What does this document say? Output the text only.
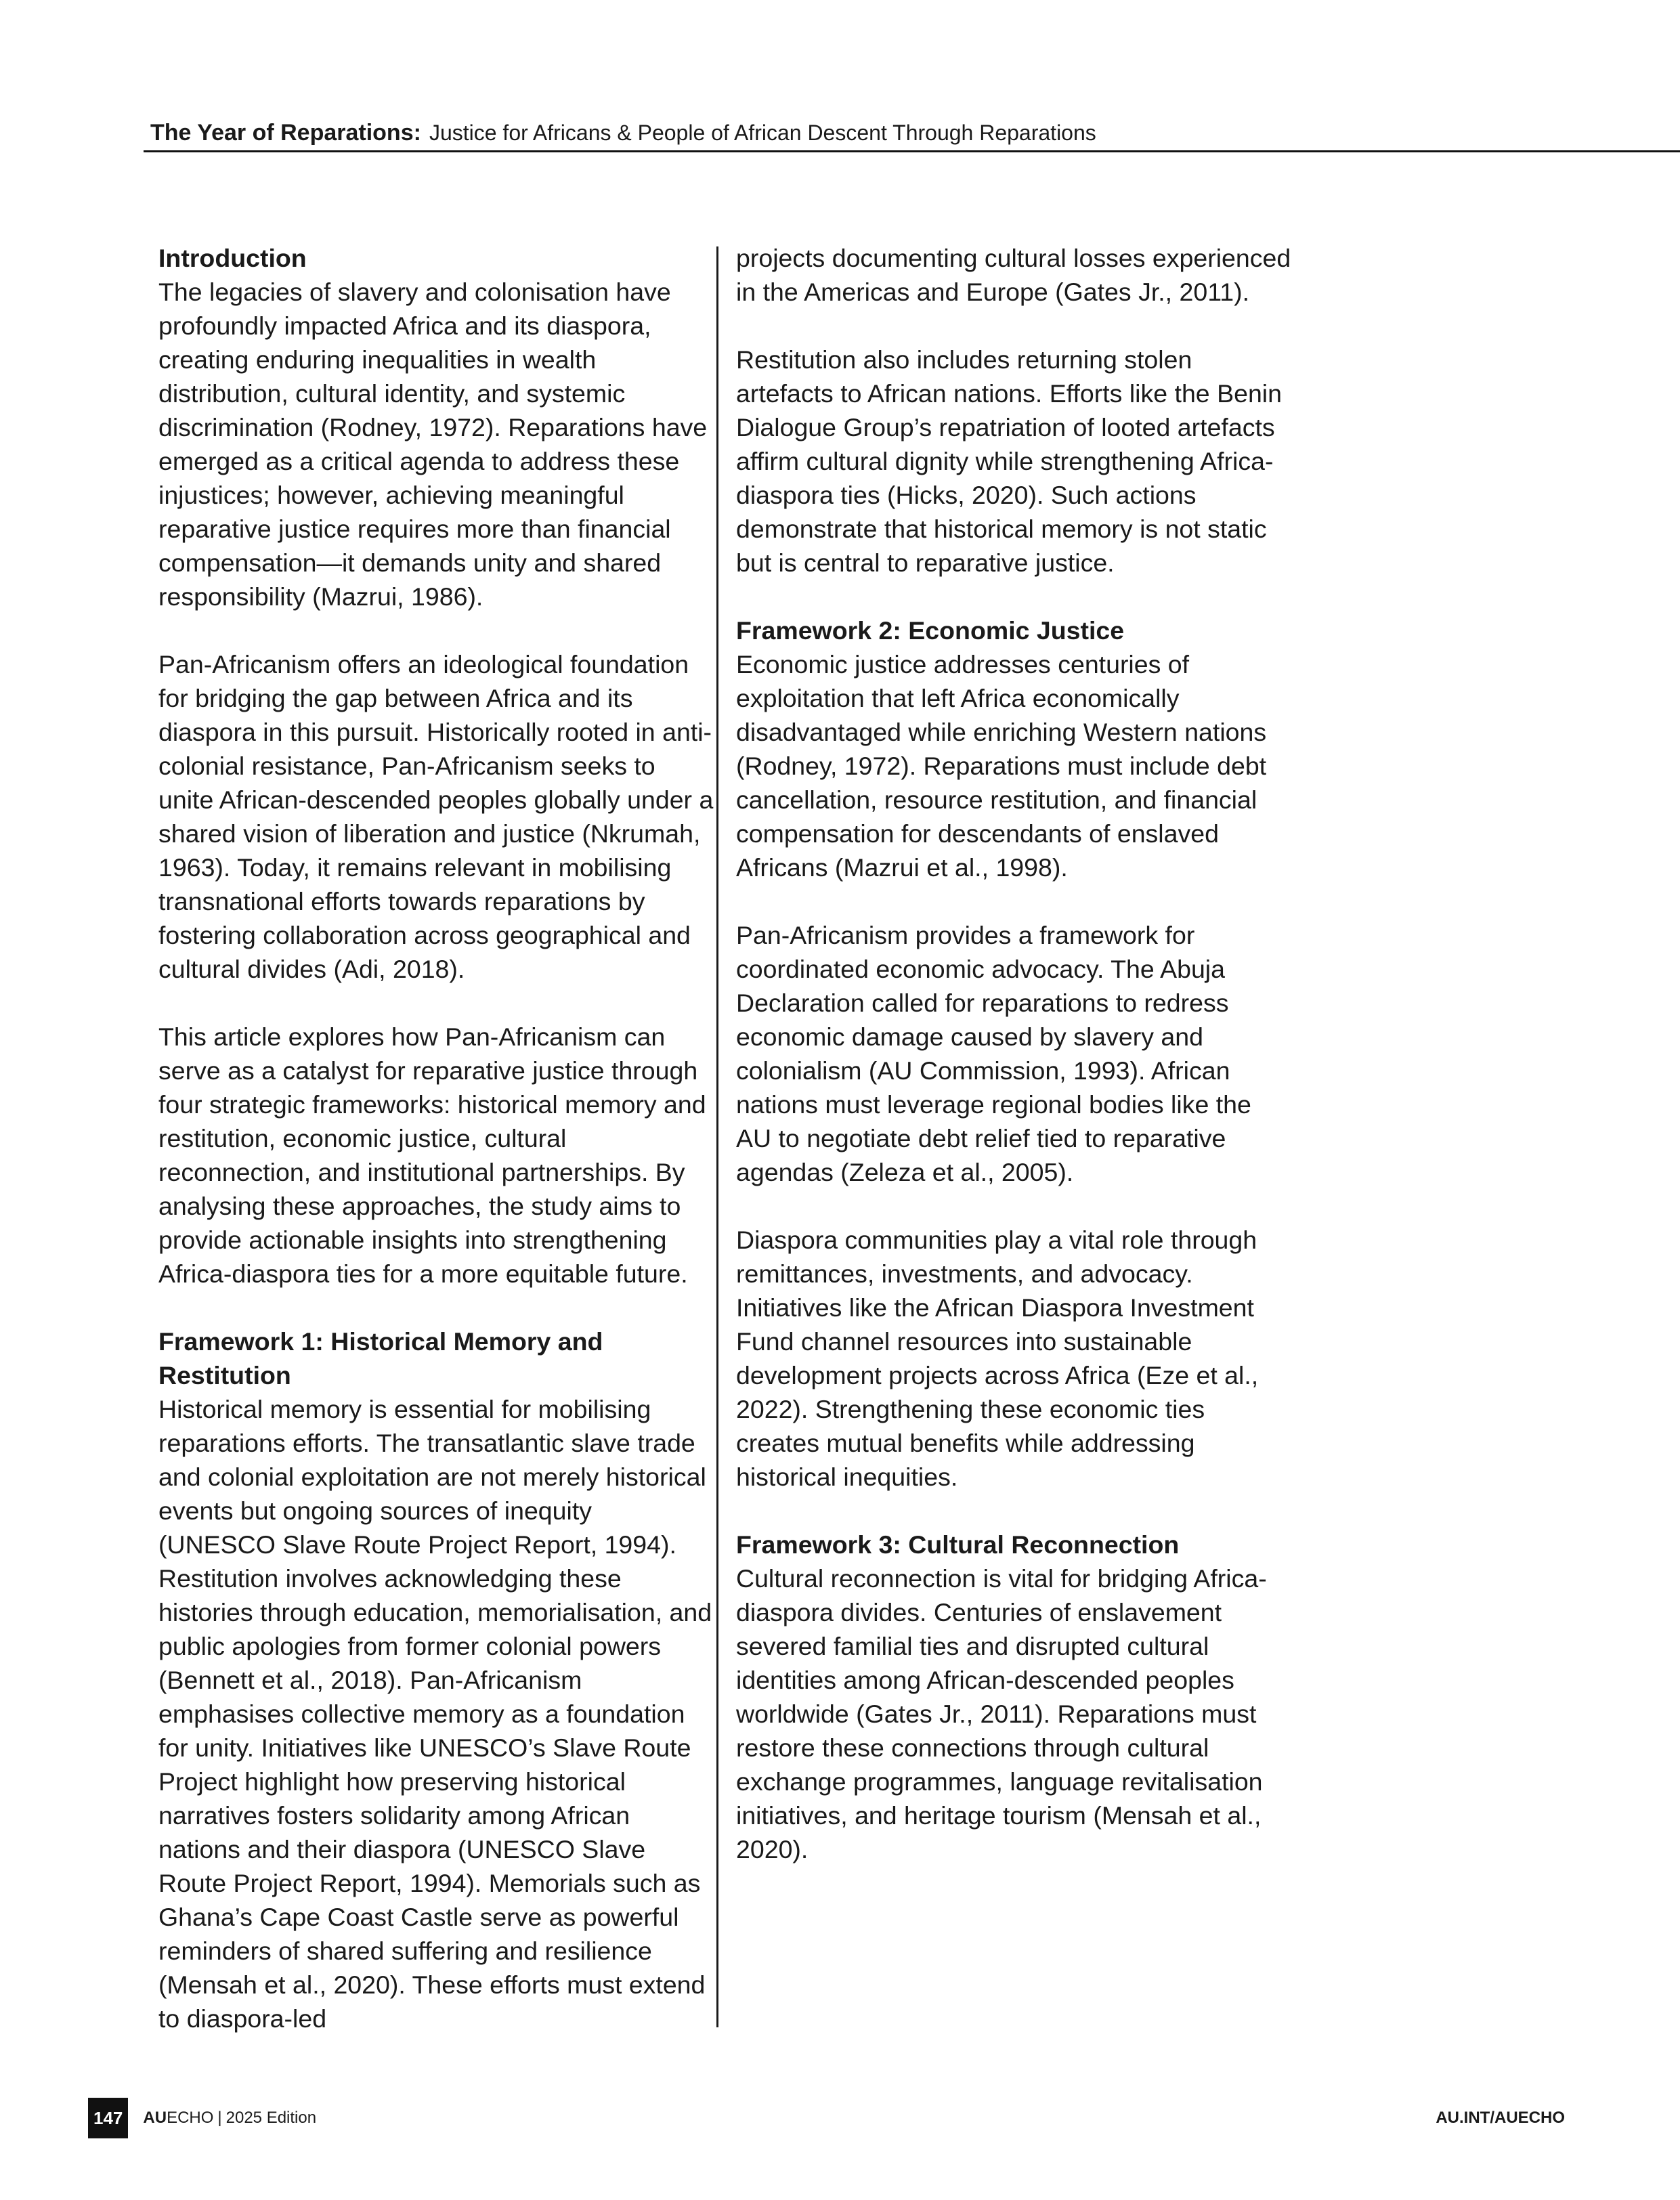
The Year of Reparations: Justice for Africans & People of African Descent Through Reparations
Introduction

The legacies of slavery and colonisation have profoundly impacted Africa and its diaspora, creating enduring inequalities in wealth distribution, cultural identity, and systemic discrimination (Rodney, 1972). Reparations have emerged as a critical agenda to address these injustices; however, achieving meaningful reparative justice requires more than financial compensation—it demands unity and shared responsibility (Mazrui, 1986).

Pan-Africanism offers an ideological foundation for bridging the gap between Africa and its diaspora in this pursuit. Historically rooted in anti-colonial resistance, Pan-Africanism seeks to unite African-descended peoples globally under a shared vision of liberation and justice (Nkrumah, 1963). Today, it remains relevant in mobilising transnational efforts towards reparations by fostering collaboration across geographical and cultural divides (Adi, 2018).

This article explores how Pan-Africanism can serve as a catalyst for reparative justice through four strategic frameworks: historical memory and restitution, economic justice, cultural reconnection, and institutional partnerships. By analysing these approaches, the study aims to provide actionable insights into strengthening Africa-diaspora ties for a more equitable future.

Framework 1: Historical Memory and Restitution

Historical memory is essential for mobilising reparations efforts. The transatlantic slave trade and colonial exploitation are not merely historical events but ongoing sources of inequity (UNESCO Slave Route Project Report, 1994). Restitution involves acknowledging these histories through education, memorialisation, and public apologies from former colonial powers (Bennett et al., 2018). Pan-Africanism emphasises collective memory as a foundation for unity. Initiatives like UNESCO’s Slave Route Project highlight how preserving historical narratives fosters solidarity among African nations and their diaspora (UNESCO Slave Route Project Report, 1994). Memorials such as Ghana’s Cape Coast Castle serve as powerful reminders of shared suffering and resilience (Mensah et al., 2020). These efforts must extend to diaspora-led

projects documenting cultural losses experienced in the Americas and Europe (Gates Jr., 2011).

Restitution also includes returning stolen artefacts to African nations. Efforts like the Benin Dialogue Group’s repatriation of looted artefacts affirm cultural dignity while strengthening Africa-diaspora ties (Hicks, 2020). Such actions demonstrate that historical memory is not static but is central to reparative justice.

Framework 2: Economic Justice

Economic justice addresses centuries of exploitation that left Africa economically disadvantaged while enriching Western nations (Rodney, 1972). Reparations must include debt cancellation, resource restitution, and financial compensation for descendants of enslaved Africans (Mazrui et al., 1998).

Pan-Africanism provides a framework for coordinated economic advocacy. The Abuja Declaration called for reparations to redress economic damage caused by slavery and colonialism (AU Commission, 1993). African nations must leverage regional bodies like the AU to negotiate debt relief tied to reparative agendas (Zeleza et al., 2005).

Diaspora communities play a vital role through remittances, investments, and advocacy. Initiatives like the African Diaspora Investment Fund channel resources into sustainable development projects across Africa (Eze et al., 2022). Strengthening these economic ties creates mutual benefits while addressing historical inequities.

Framework 3: Cultural Reconnection

Cultural reconnection is vital for bridging Africa-diaspora divides. Centuries of enslavement severed familial ties and disrupted cultural identities among African-descended peoples worldwide (Gates Jr., 2011). Reparations must restore these connections through cultural exchange programmes, language revitalisation initiatives, and heritage tourism (Mensah et al., 2020).

147	AUECHO | 2025 Edition	AU.INT/AUECHO
